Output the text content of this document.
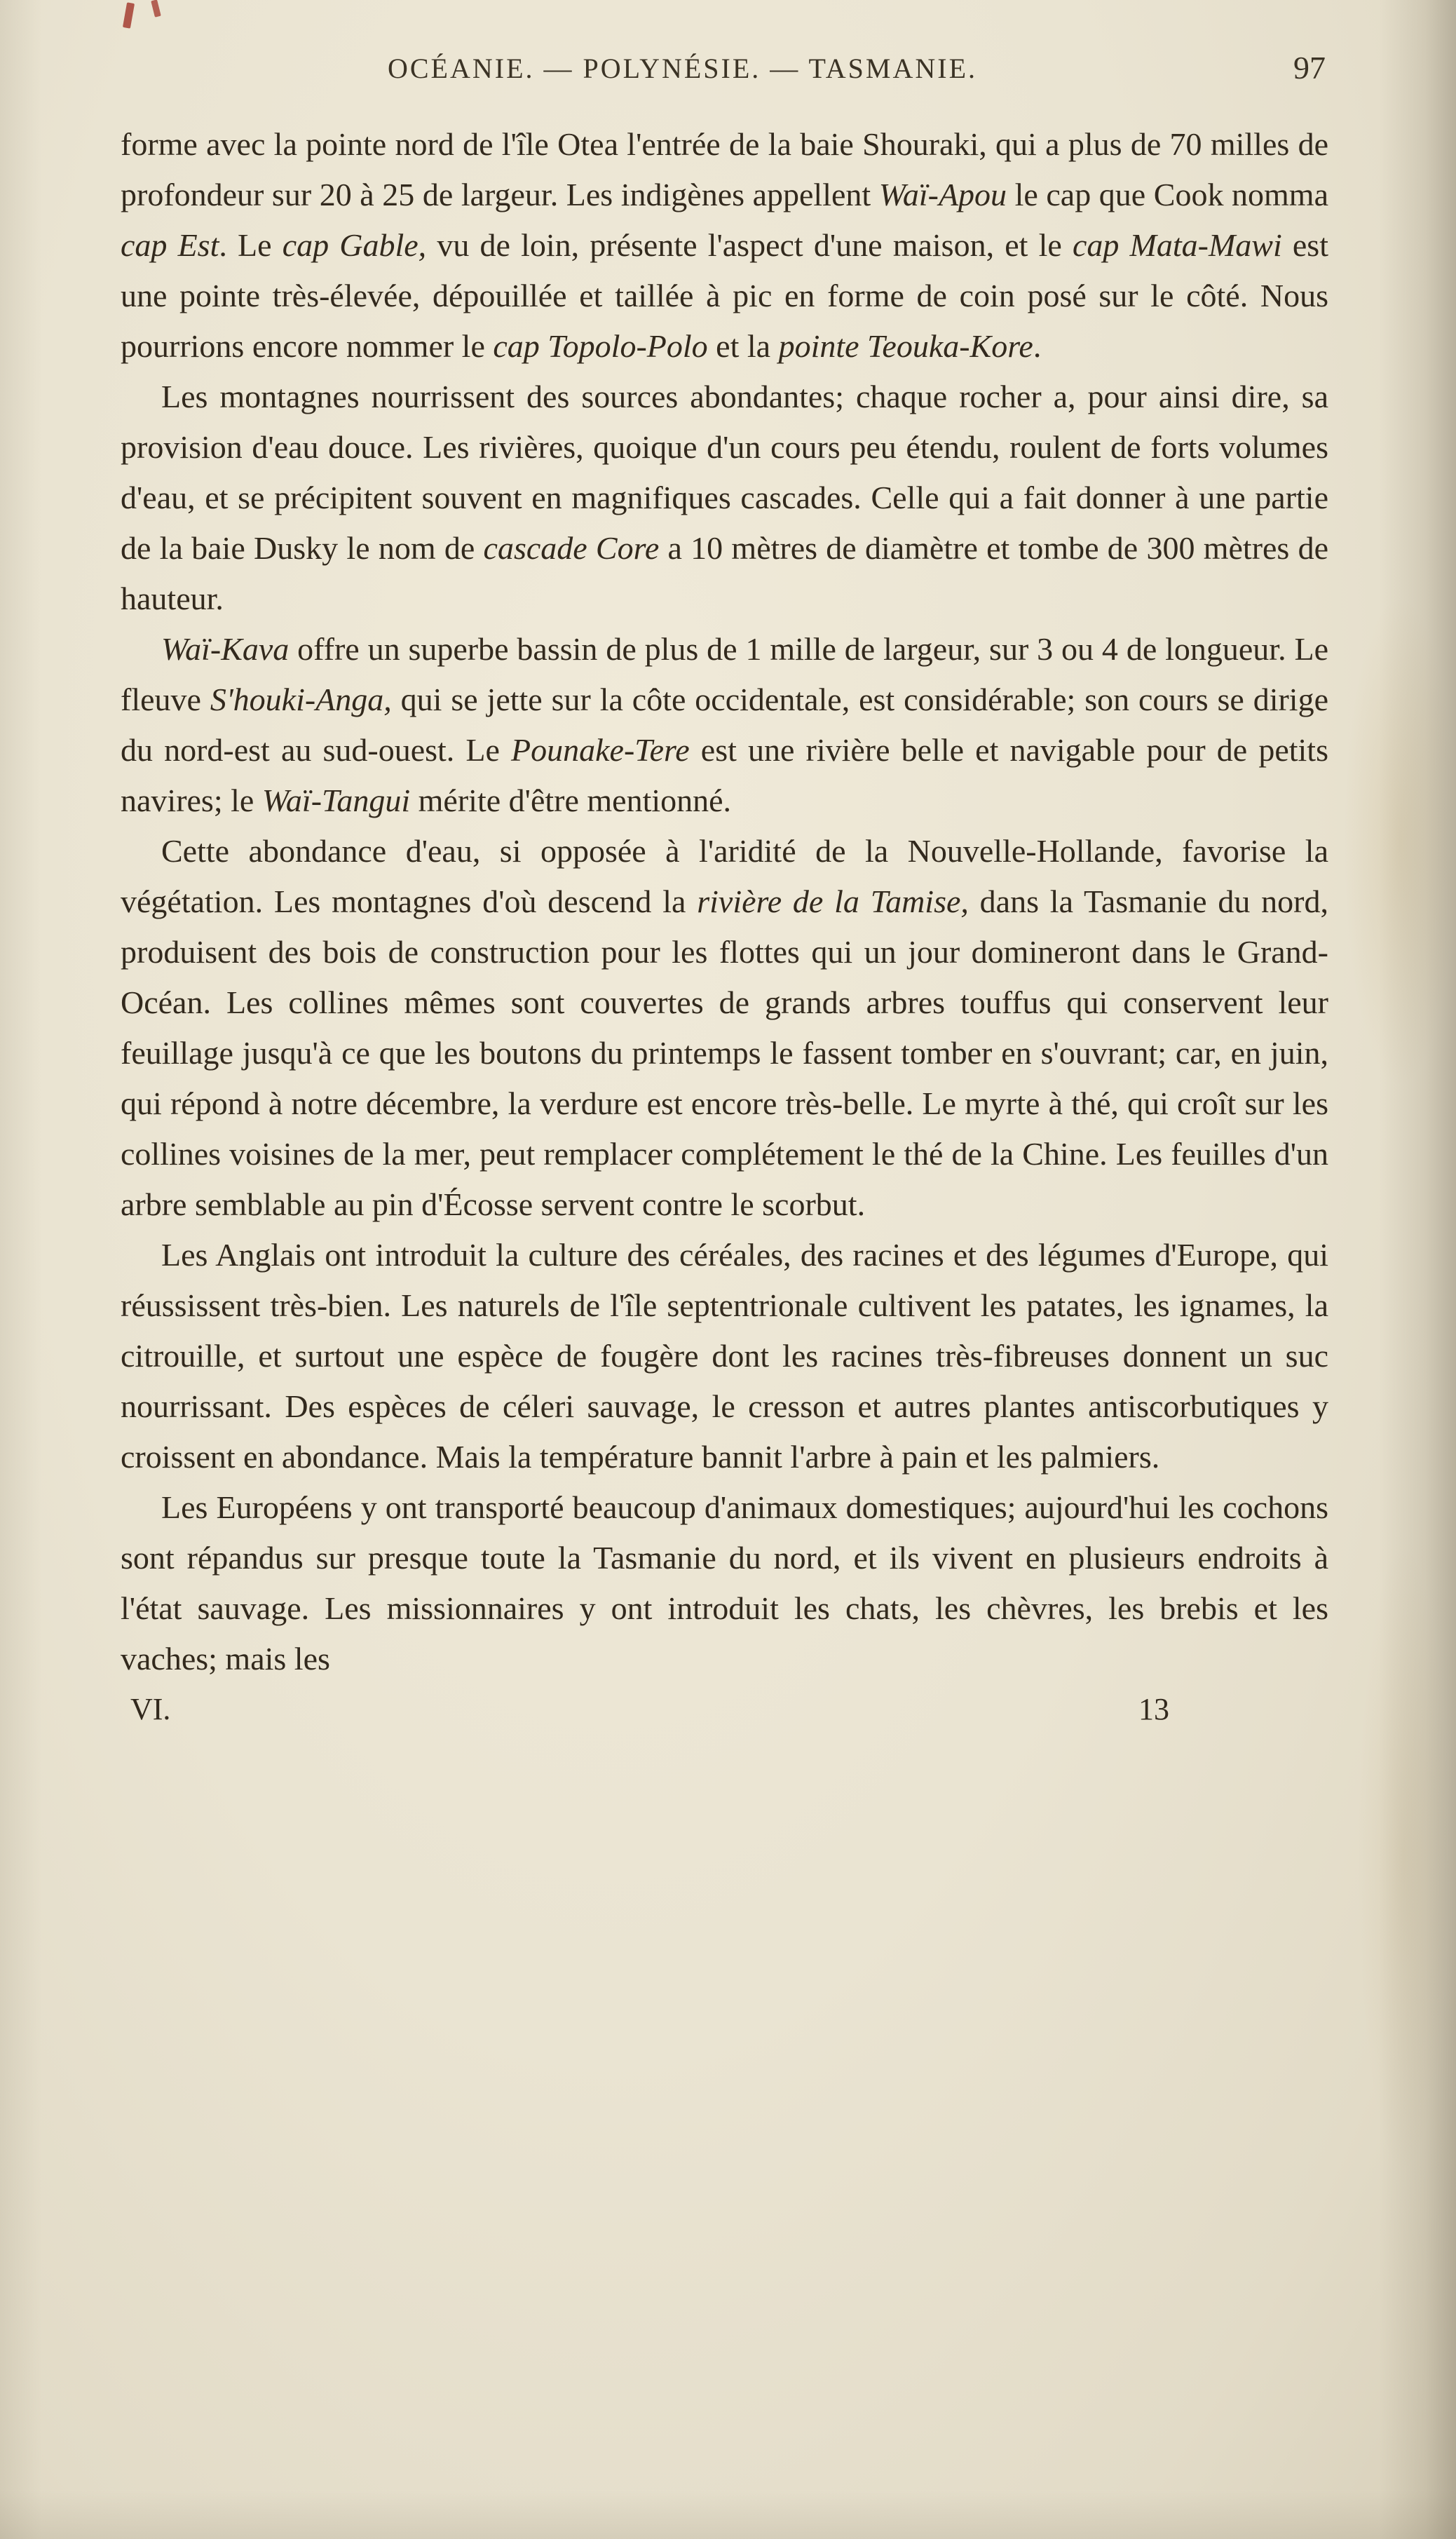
OCÉANIE. — POLYNÉSIE. — TASMANIE.	97

forme avec la pointe nord de l'île Otea l'entrée de la baie Shouraki, qui a plus de 70 milles de profondeur sur 20 à 25 de largeur. Les indigènes appellent Waï-Apou le cap que Cook nomma cap Est. Le cap Gable, vu de loin, présente l'aspect d'une maison, et le cap Mata-Mawi est une pointe très-élevée, dépouillée et taillée à pic en forme de coin posé sur le côté. Nous pourrions encore nommer le cap Topolo-Polo et la pointe Teouka-Kore.

Les montagnes nourrissent des sources abondantes; chaque rocher a, pour ainsi dire, sa provision d'eau douce. Les rivières, quoique d'un cours peu étendu, roulent de forts volumes d'eau, et se précipitent souvent en magnifiques cascades. Celle qui a fait donner à une partie de la baie Dusky le nom de cascade Core a 10 mètres de diamètre et tombe de 300 mètres de hauteur.

Waï-Kava offre un superbe bassin de plus de 1 mille de largeur, sur 3 ou 4 de longueur. Le fleuve S'houki-Anga, qui se jette sur la côte occidentale, est considérable; son cours se dirige du nord-est au sud-ouest. Le Pounake-Tere est une rivière belle et navigable pour de petits navires; le Waï-Tangui mérite d'être mentionné.

Cette abondance d'eau, si opposée à l'aridité de la Nouvelle-Hollande, favorise la végétation. Les montagnes d'où descend la rivière de la Tamise, dans la Tasmanie du nord, produisent des bois de construction pour les flottes qui un jour domineront dans le Grand-Océan. Les collines mêmes sont couvertes de grands arbres touffus qui conservent leur feuillage jusqu'à ce que les boutons du printemps le fassent tomber en s'ouvrant; car, en juin, qui répond à notre décembre, la verdure est encore très-belle. Le myrte à thé, qui croît sur les collines voisines de la mer, peut remplacer complétement le thé de la Chine. Les feuilles d'un arbre semblable au pin d'Écosse servent contre le scorbut.

Les Anglais ont introduit la culture des céréales, des racines et des légumes d'Europe, qui réussissent très-bien. Les naturels de l'île septentrionale cultivent les patates, les ignames, la citrouille, et surtout une espèce de fougère dont les racines très-fibreuses donnent un suc nourrissant. Des espèces de céleri sauvage, le cresson et autres plantes antiscorbutiques y croissent en abondance. Mais la température bannit l'arbre à pain et les palmiers.

Les Européens y ont transporté beaucoup d'animaux domestiques; aujourd'hui les cochons sont répandus sur presque toute la Tasmanie du nord, et ils vivent en plusieurs endroits à l'état sauvage. Les missionnaires y ont introduit les chats, les chèvres, les brebis et les vaches; mais les

VI.	13
